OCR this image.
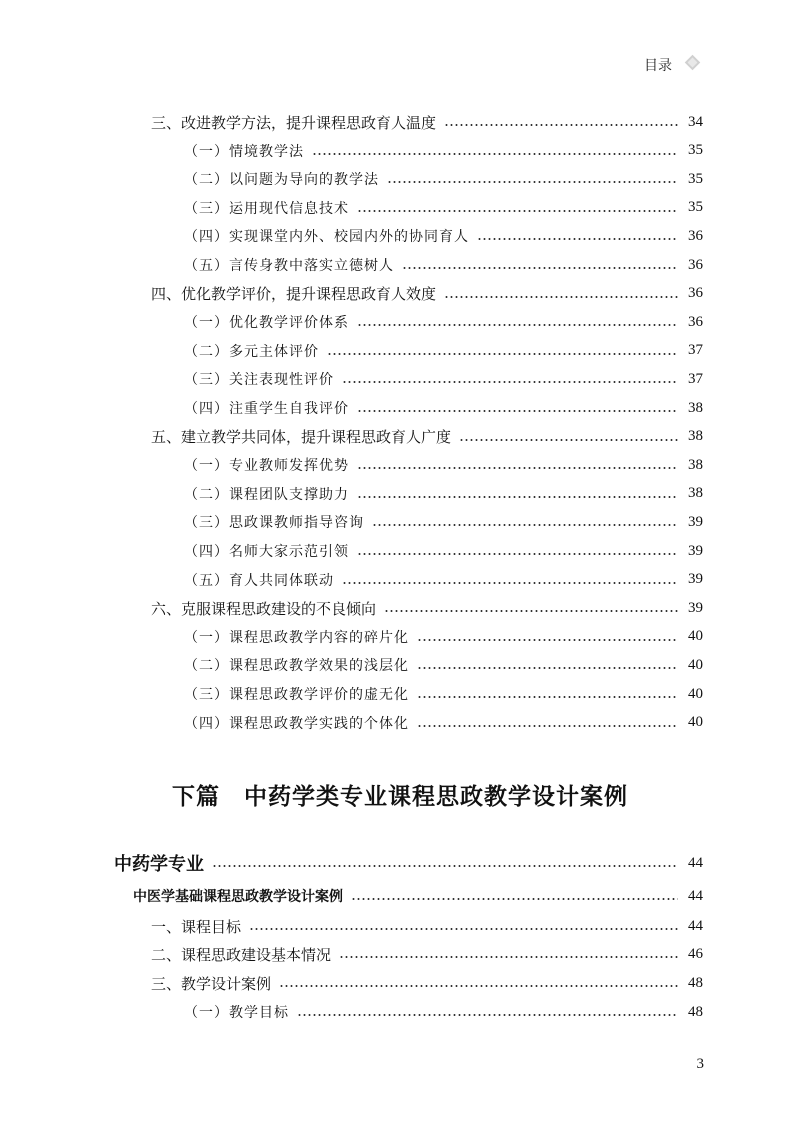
目录
三、改进教学方法，提升课程思政育人温度	34
（一）情境教学法	35
（二）以问题为导向的教学法	35
（三）运用现代信息技术	35
（四）实现课堂内外、校园内外的协同育人	36
（五）言传身教中落实立德树人	36
四、优化教学评价，提升课程思政育人效度	36
（一）优化教学评价体系	36
（二）多元主体评价	37
（三）关注表现性评价	37
（四）注重学生自我评价	38
五、建立教学共同体，提升课程思政育人广度	38
（一）专业教师发挥优势	38
（二）课程团队支撑助力	38
（三）思政课教师指导咨询	39
（四）名师大家示范引领	39
（五）育人共同体联动	39
六、克服课程思政建设的不良倾向	39
（一）课程思政教学内容的碎片化	40
（二）课程思政教学效果的浅层化	40
（三）课程思政教学评价的虚无化	40
（四）课程思政教学实践的个体化	40
下篇　中药学类专业课程思政教学设计案例
中药学专业	44
中医学基础课程思政教学设计案例	44
一、课程目标	44
二、课程思政建设基本情况	46
三、教学设计案例	48
（一）教学目标	48
3
